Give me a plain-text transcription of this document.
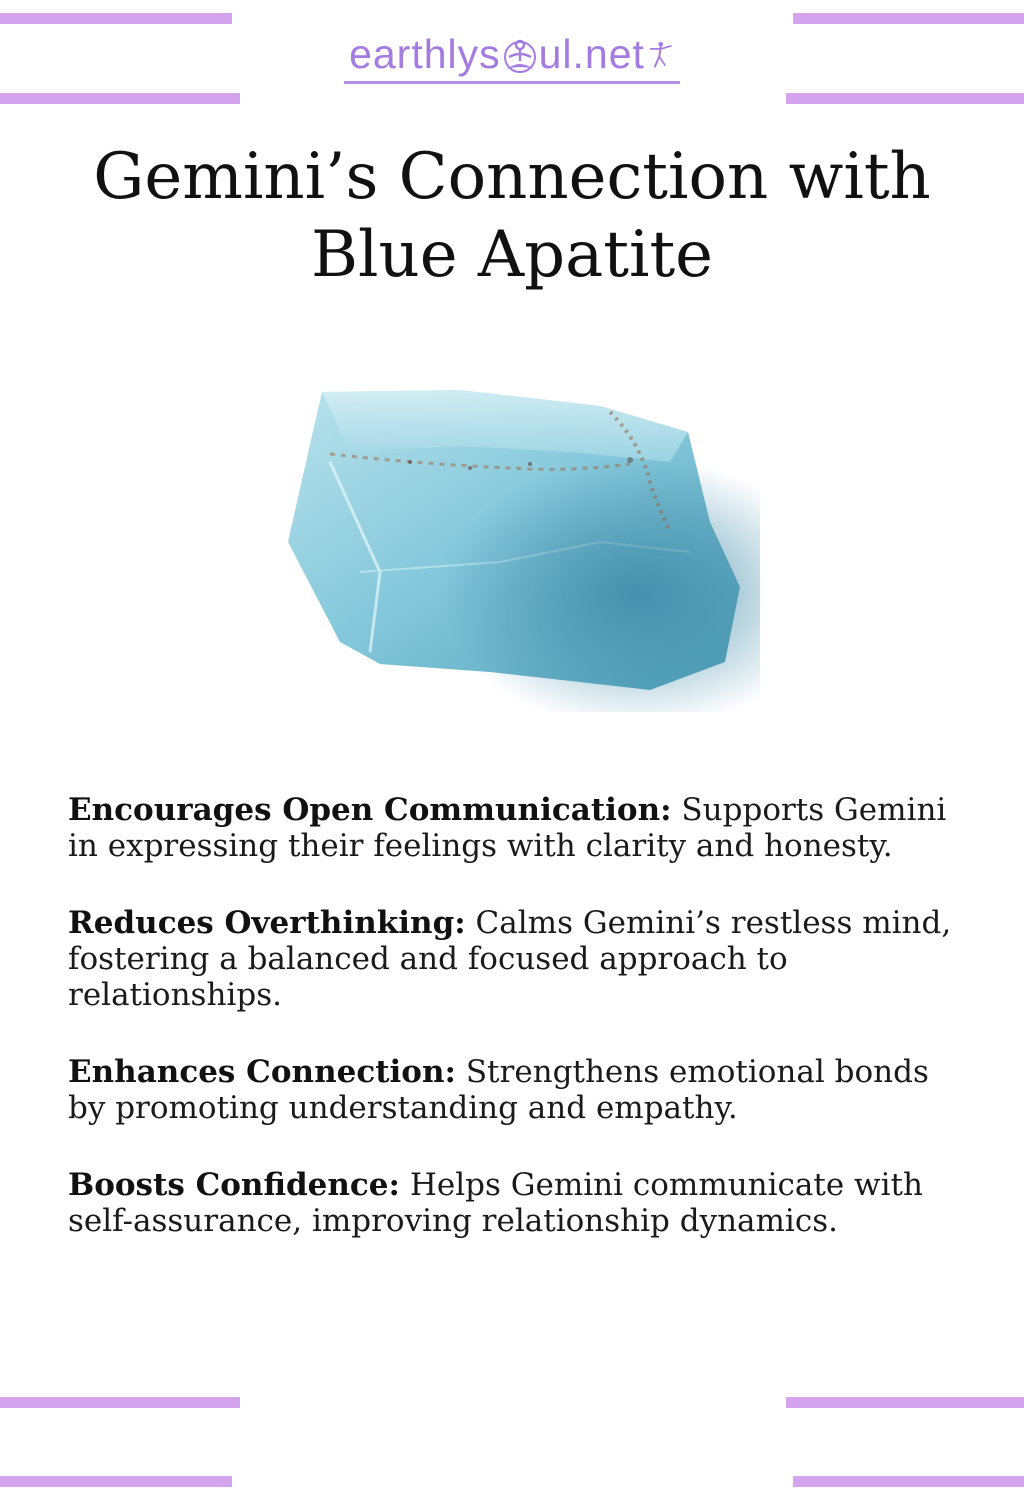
earthlys ul.net
Gemini’s Connection with
Blue Apatite

Encourages Open Communication: Supports Gemini in expressing their feelings with clarity and honesty.

Reduces Overthinking: Calms Gemini’s restless mind, fostering a balanced and focused approach to relationships.

Enhances Connection: Strengthens emotional bonds by promoting understanding and empathy.

Boosts Confidence: Helps Gemini communicate with self-assurance, improving relationship dynamics.
